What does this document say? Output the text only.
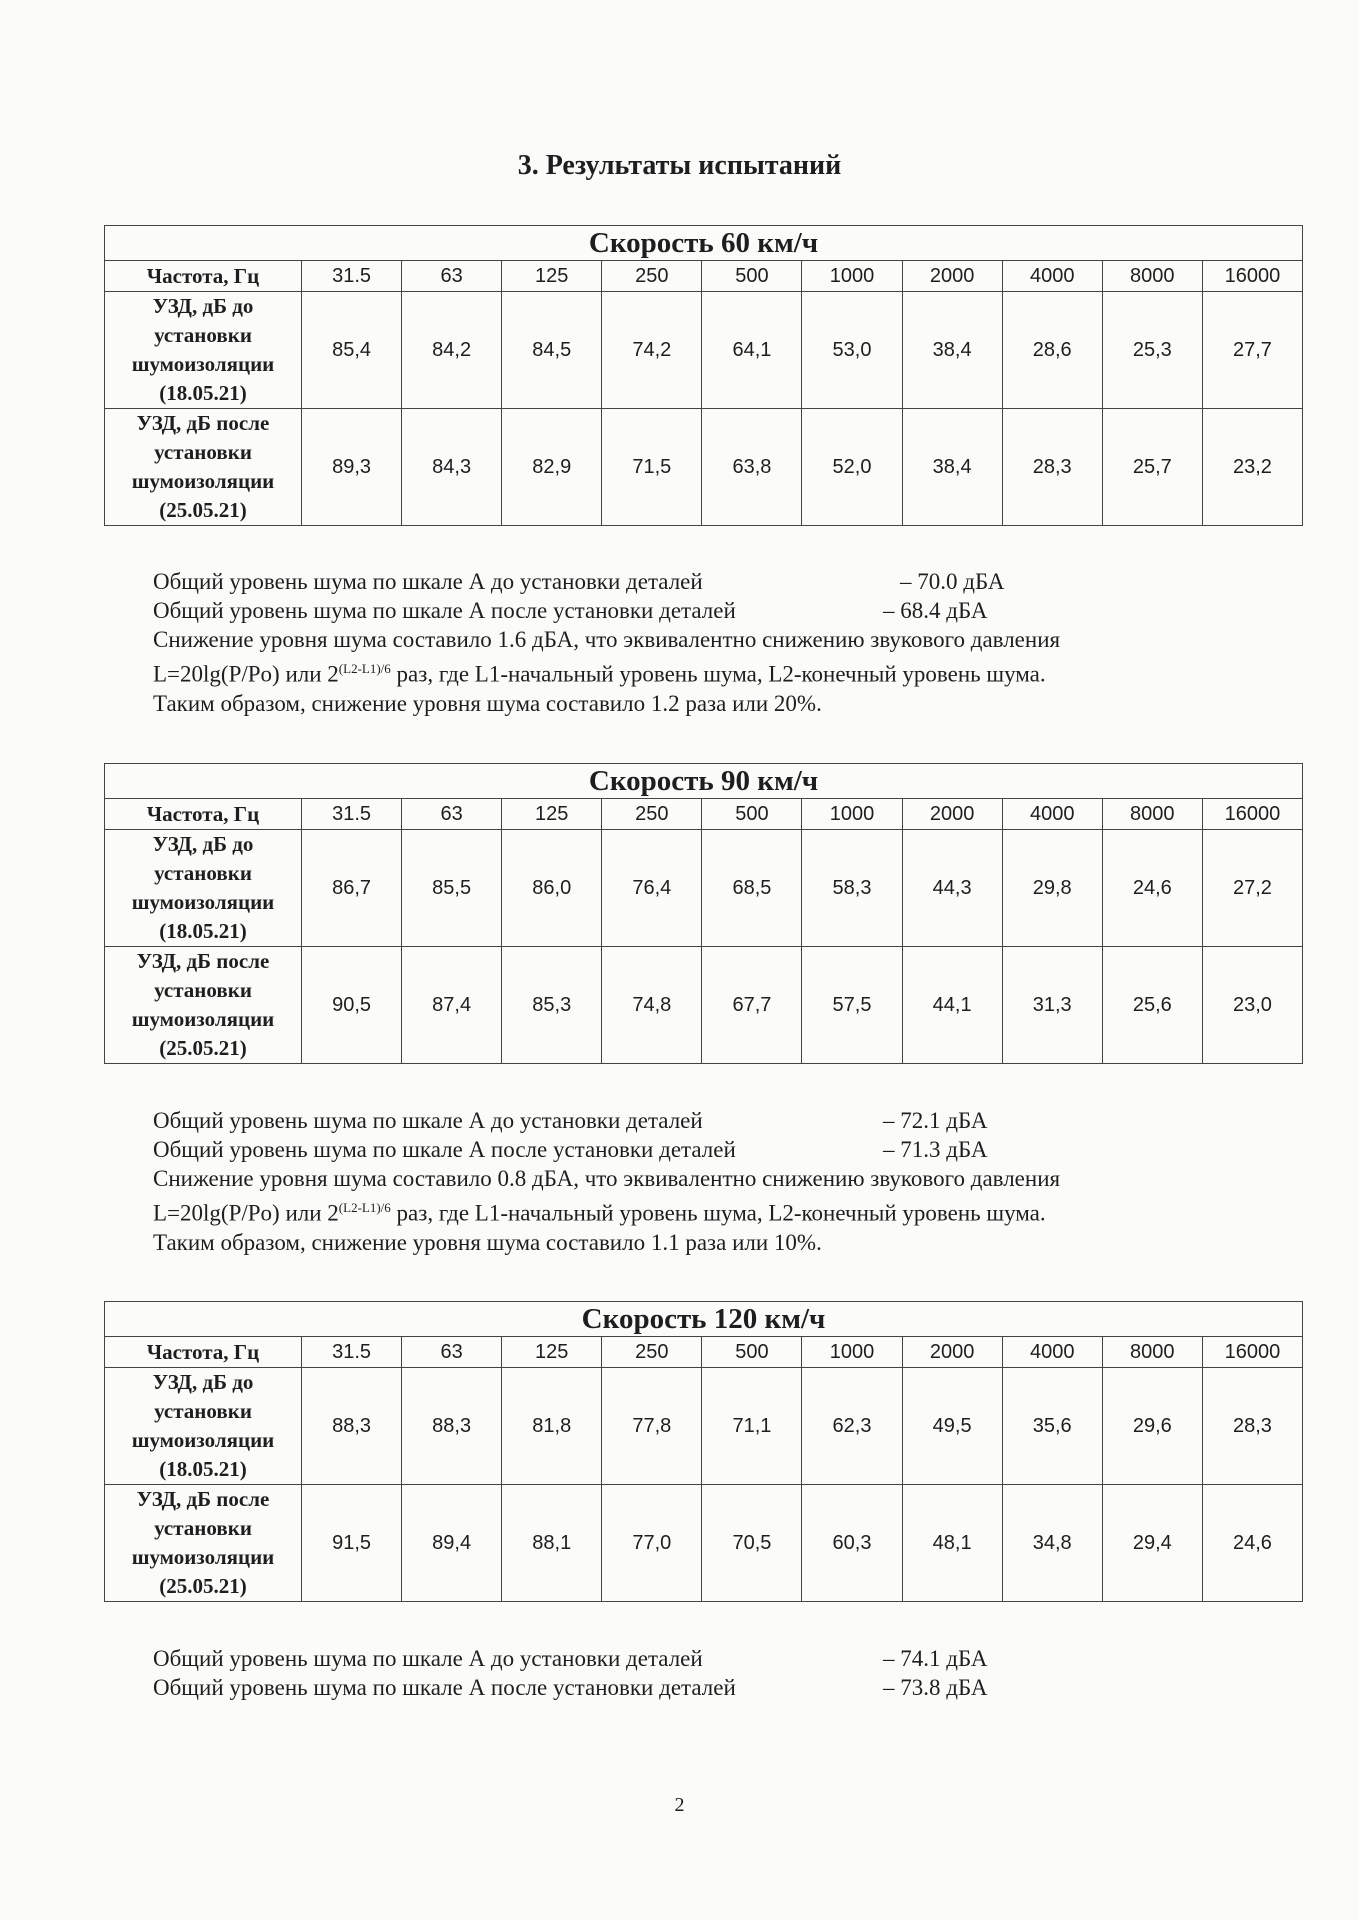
3. Результаты испытаний
Скорость 60 км/ч										
Частота, Гц	31.5	63	125	250	500	1000	2000	4000	8000	16000

УЗД, дБ до
установки
шумоизоляции
(18.05.21)	85,4	84,2	84,5	74,2	64,1	53,0	38,4	28,6	25,3	27,7

УЗД, дБ после
установки
шумоизоляции
(25.05.21)	89,3	84,3	82,9	71,5	63,8	52,0	38,4	28,3	25,7	23,2
Общий уровень шума по шкале А до установки деталей	– 70.0 дБА
Общий уровень шума по шкале А после установки деталей	– 68.4 дБА
Снижение уровня шума составило 1.6 дБА, что эквивалентно снижению звукового давления
L=20lg(P/Po) или $2^{(L2-L1)/6}$ раз, где L1-начальный уровень шума, L2-конечный уровень шума.
Таким образом, снижение уровня шума составило 1.2 раза или 20%.
Скорость 90 км/ч										
Частота, Гц	31.5	63	125	250	500	1000	2000	4000	8000	16000

УЗД, дБ до
установки
шумоизоляции
(18.05.21)	86,7	85,5	86,0	76,4	68,5	58,3	44,3	29,8	24,6	27,2

УЗД, дБ после
установки
шумоизоляции
(25.05.21)	90,5	87,4	85,3	74,8	67,7	57,5	44,1	31,3	25,6	23,0
Общий уровень шума по шкале А до установки деталей	– 72.1 дБА
Общий уровень шума по шкале А после установки деталей	– 71.3 дБА
Снижение уровня шума составило 0.8 дБА, что эквивалентно снижению звукового давления
L=20lg(P/Po) или $2^{(L2-L1)/6}$ раз, где L1-начальный уровень шума, L2-конечный уровень шума.
Таким образом, снижение уровня шума составило 1.1 раза или 10%.
Скорость 120 км/ч										
Частота, Гц	31.5	63	125	250	500	1000	2000	4000	8000	16000

УЗД, дБ до
установки
шумоизоляции
(18.05.21)	88,3	88,3	81,8	77,8	71,1	62,3	49,5	35,6	29,6	28,3

УЗД, дБ после
установки
шумоизоляции
(25.05.21)	91,5	89,4	88,1	77,0	70,5	60,3	48,1	34,8	29,4	24,6
Общий уровень шума по шкале А до установки деталей	– 74.1 дБА
Общий уровень шума по шкале А после установки деталей	– 73.8 дБА
2
